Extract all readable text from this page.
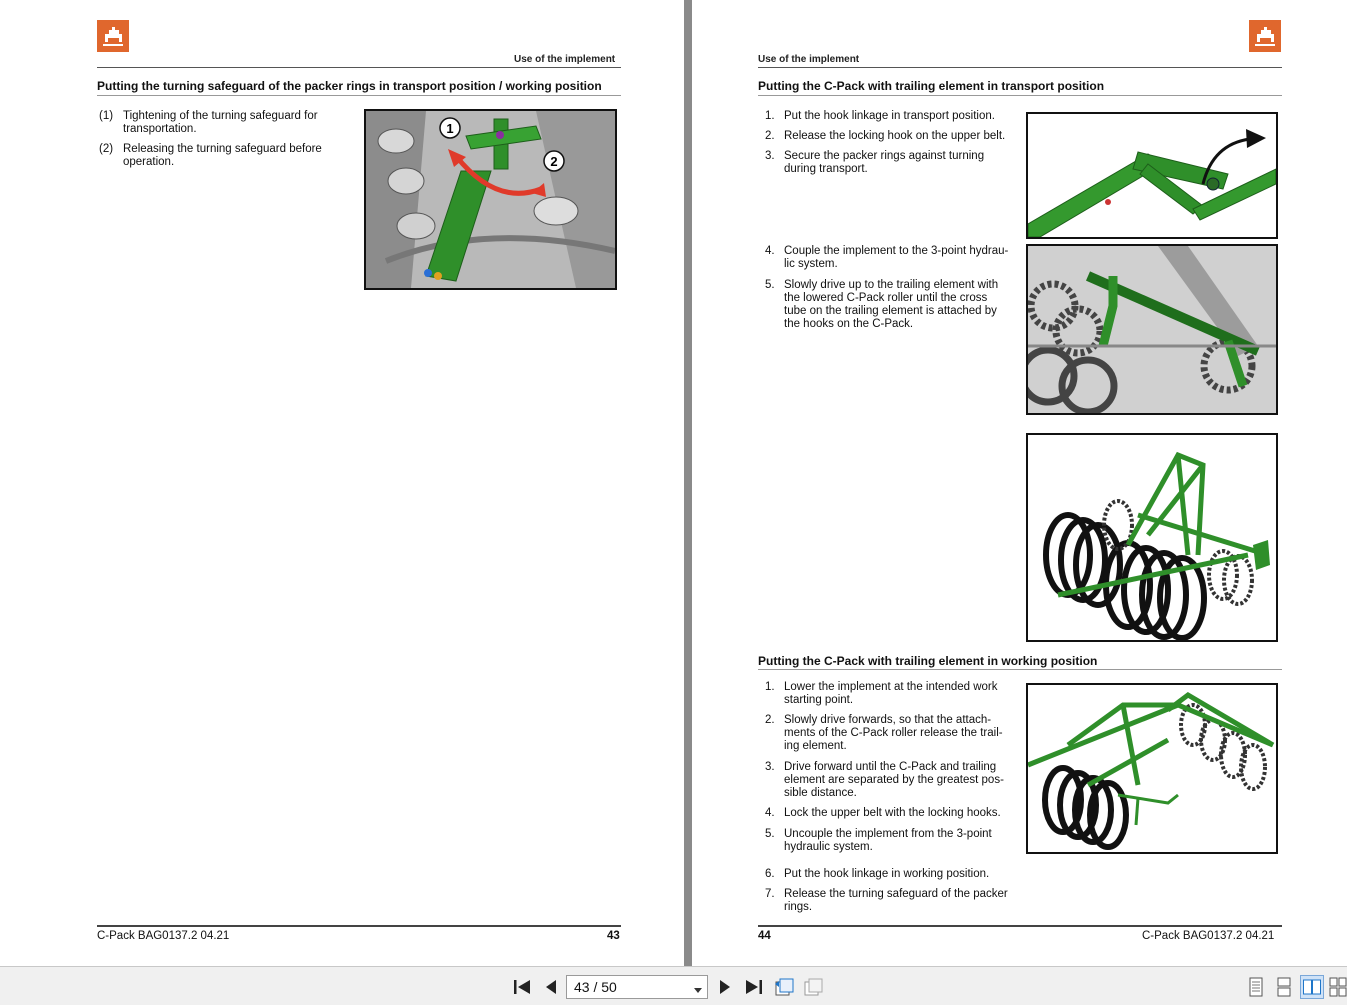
Use of the implement
Putting the turning safeguard of the packer rings in transport position / working position
(1) Tightening of the turning safeguard for
transportation.
(2) Releasing the turning safeguard before
operation.
1
2
C-Pack BAG0137.2 04.21	43
Use of the implement
Putting the C-Pack with trailing element in transport position
1. Put the hook linkage in transport position.
2. Release the locking hook on the upper belt.
3. Secure the packer rings against turning
during transport.
4. Couple the implement to the 3-point hydrau-
lic system.
5. Slowly drive up to the trailing element with
the lowered C-Pack roller until the cross
tube on the trailing element is attached by
the hooks on the C-Pack.
Putting the C-Pack with trailing element in working position
1. Lower the implement at the intended work
starting point.
2. Slowly drive forwards, so that the attach-
ments of the C-Pack roller release the trail-
ing element.
3. Drive forward until the C-Pack and trailing
element are separated by the greatest pos-
sible distance.
4. Lock the upper belt with the locking hooks.
5. Uncouple the implement from the 3-point
hydraulic system.
6. Put the hook linkage in working position.
7. Release the turning safeguard of the packer
rings.
44	C-Pack BAG0137.2 04.21
43 / 50
